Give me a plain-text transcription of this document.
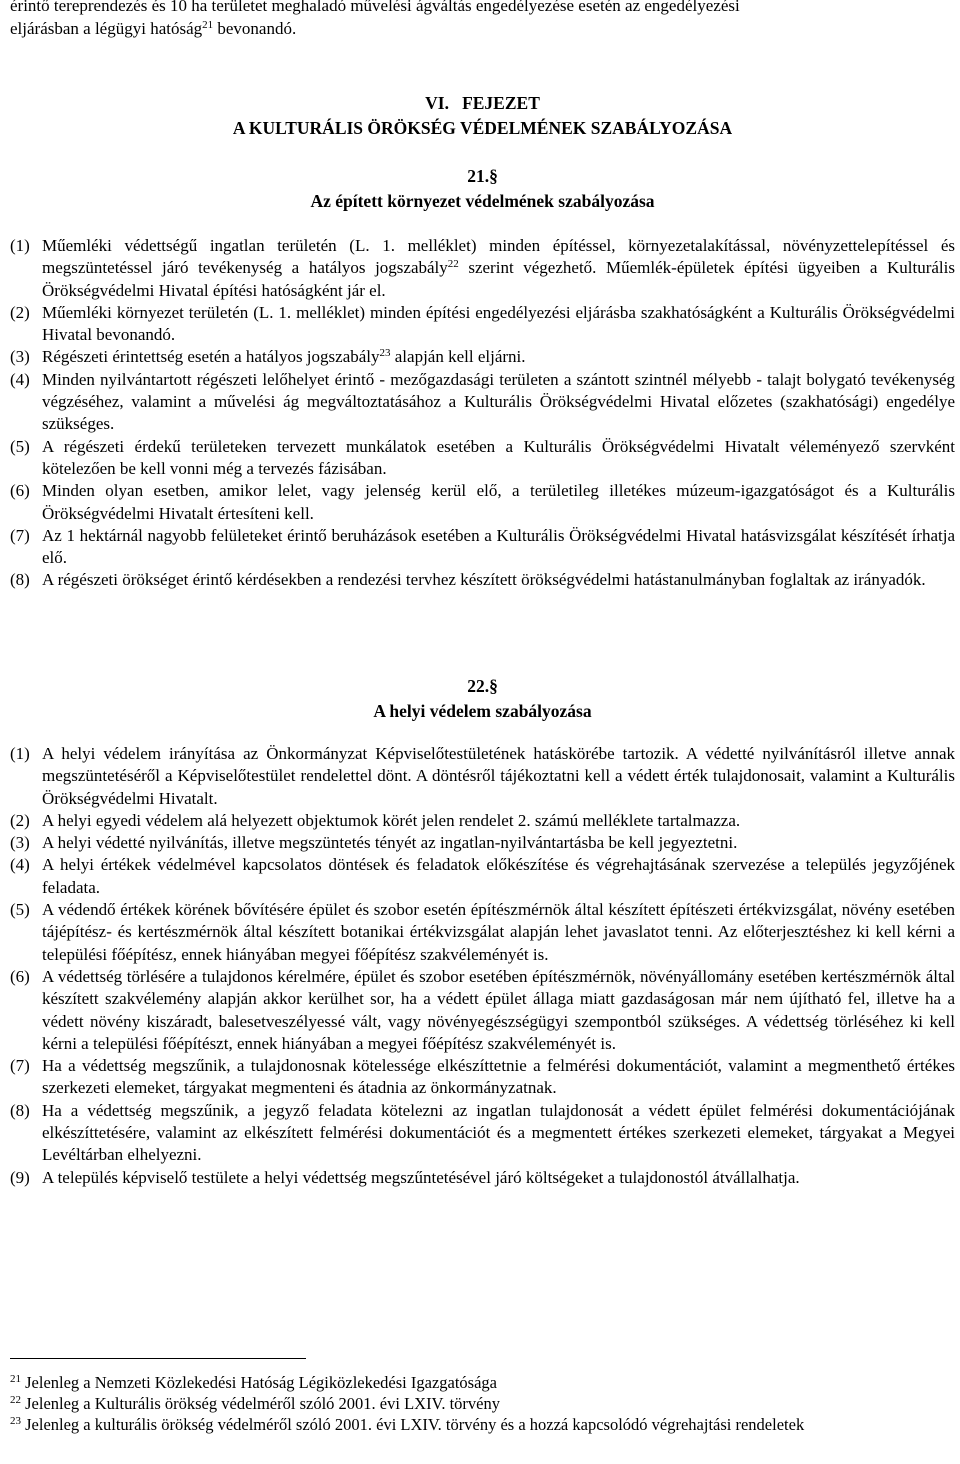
érintő tereprendezés és 10 ha területet meghaladó művelési ágváltás engedélyezése esetén az engedélyezési
eljárásban a légügyi hatóság$^{21}$ bevonandó.
VI.   FEJEZET
A KULTURÁLIS ÖRÖKSÉG VÉDELMÉNEK SZABÁLYOZÁSA
21.§
Az épített környezet védelmének szabályozása
(1) Műemléki védettségű ingatlan területén (L. 1. melléklet) minden építéssel, környezetalakítással, növényzettelepítéssel és megszüntetéssel járó tevékenység a hatályos jogszabály$^{22}$ szerint végezhető. Műemlék-épületek építési ügyeiben a Kulturális Örökségvédelmi Hivatal építési hatóságként jár el.
(2) Műemléki környezet területén (L. 1. melléklet) minden építési engedélyezési eljárásba szakhatóságként a Kulturális Örökségvédelmi Hivatal bevonandó.
(3) Régészeti érintettség esetén a hatályos jogszabály$^{23}$ alapján kell eljárni.
(4) Minden nyilvántartott régészeti lelőhelyet érintő - mezőgazdasági területen a szántott szintnél mélyebb - talajt bolygató tevékenység végzéséhez, valamint a művelési ág megváltoztatásához a Kulturális Örökségvédelmi Hivatal előzetes (szakhatósági) engedélye szükséges.
(5) A régészeti érdekű területeken tervezett munkálatok esetében a Kulturális Örökségvédelmi Hivatalt véleményező szervként kötelezően be kell vonni még a tervezés fázisában.
(6) Minden olyan esetben, amikor lelet, vagy jelenség kerül elő, a területileg illetékes múzeum-igazgatóságot és a Kulturális Örökségvédelmi Hivatalt értesíteni kell.
(7) Az 1 hektárnál nagyobb felületeket érintő beruházások esetében a Kulturális Örökségvédelmi Hivatal hatásvizsgálat készítését írhatja elő.
(8) A régészeti örökséget érintő kérdésekben a rendezési tervhez készített örökségvédelmi hatástanulmányban foglaltak az irányadók.
22.§
A helyi védelem szabályozása
(1) A helyi védelem irányítása az Önkormányzat Képviselőtestületének hatáskörébe tartozik. A védetté nyilvánításról illetve annak megszüntetéséről a Képviselőtestület rendelettel dönt. A döntésről tájékoztatni kell a védett érték tulajdonosait, valamint a Kulturális Örökségvédelmi Hivatalt.
(2) A helyi egyedi védelem alá helyezett objektumok körét jelen rendelet 2. számú melléklete tartalmazza.
(3) A helyi védetté nyilvánítás, illetve megszüntetés tényét az ingatlan-nyilvántartásba be kell jegyeztetni.
(4) A helyi értékek védelmével kapcsolatos döntések és feladatok előkészítése és végrehajtásának szervezése a település jegyzőjének feladata.
(5) A védendő értékek körének bővítésére épület és szobor esetén építészmérnök által készített építészeti értékvizsgálat, növény esetében tájépítész- és kertészmérnök által készített botanikai értékvizsgálat alapján lehet javaslatot tenni. Az előterjesztéshez ki kell kérni a települési főépítész, ennek hiányában megyei főépítész szakvéleményét is.
(6) A védettség törlésére a tulajdonos kérelmére, épület és szobor esetében építészmérnök, növényállomány esetében kertészmérnök által készített szakvélemény alapján akkor kerülhet sor, ha a védett épület állaga miatt gazdaságosan már nem újítható fel, illetve ha a védett növény kiszáradt, balesetveszélyessé vált, vagy növényegészségügyi szempontból szükséges. A védettség törléséhez ki kell kérni a települési főépítészt, ennek hiányában a megyei főépítész szakvéleményét is.
(7) Ha a védettség megszűnik, a tulajdonosnak kötelessége elkészíttetnie a felmérési dokumentációt, valamint a megmenthető értékes szerkezeti elemeket, tárgyakat megmenteni és átadnia az önkormányzatnak.
(8) Ha a védettség megszűnik, a jegyző feladata kötelezni az ingatlan tulajdonosát a védett épület felmérési dokumentációjának elkészíttetésére, valamint az elkészített felmérési dokumentációt és a megmentett értékes szerkezeti elemeket, tárgyakat a Megyei Levéltárban elhelyezni.
(9) A település képviselő testülete a helyi védettség megszűntetésével járó költségeket a tulajdonostól átvállalhatja.
$^{21}$ Jelenleg a Nemzeti Közlekedési Hatóság Légiközlekedési Igazgatósága
$^{22}$ Jelenleg a Kulturális örökség védelméről szóló 2001. évi LXIV. törvény
$^{23}$ Jelenleg a kulturális örökség védelméről szóló 2001. évi LXIV. törvény és a hozzá kapcsolódó végrehajtási rendeletek
